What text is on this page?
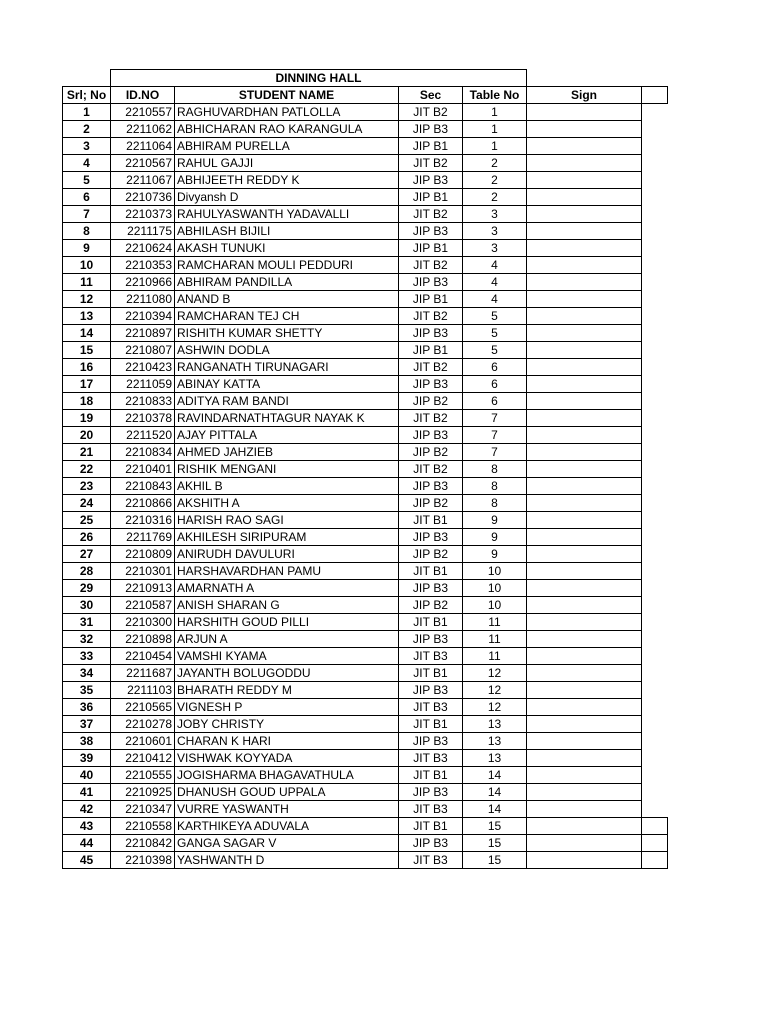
	DINNING HALL					
Srl; No	ID.NO	STUDENT NAME	Sec	Table No	Sign	
1	2210557	RAGHUVARDHAN PATLOLLA	JIT B2	1		
2	2211062	ABHICHARAN RAO KARANGULA	JIP B3	1		
3	2211064	ABHIRAM PURELLA	JIP B1	1		
4	2210567	RAHUL GAJJI	JIT B2	2		
5	2211067	ABHIJEETH REDDY K	JIP B3	2		
6	2210736	Divyansh D	JIP B1	2		
7	2210373	RAHULYASWANTH YADAVALLI	JIT B2	3		
8	2211175	ABHILASH BIJILI	JIP B3	3		
9	2210624	AKASH TUNUKI	JIP B1	3		
10	2210353	RAMCHARAN MOULI PEDDURI	JIT B2	4		
11	2210966	ABHIRAM PANDILLA	JIP B3	4		
12	2211080	ANAND B	JIP B1	4		
13	2210394	RAMCHARAN TEJ CH	JIT B2	5		
14	2210897	RISHITH KUMAR SHETTY	JIP B3	5		
15	2210807	ASHWIN DODLA	JIP B1	5		
16	2210423	RANGANATH TIRUNAGARI	JIT B2	6		
17	2211059	ABINAY KATTA	JIP B3	6		
18	2210833	ADITYA RAM BANDI	JIP B2	6		
19	2210378	RAVINDARNATHTAGUR NAYAK K	JIT B2	7		
20	2211520	AJAY PITTALA	JIP B3	7		
21	2210834	AHMED JAHZIEB	JIP B2	7		
22	2210401	RISHIK MENGANI	JIT B2	8		
23	2210843	AKHIL B	JIP B3	8		
24	2210866	AKSHITH A	JIP B2	8		
25	2210316	HARISH RAO SAGI	JIT B1	9		
26	2211769	AKHILESH SIRIPURAM	JIP B3	9		
27	2210809	ANIRUDH DAVULURI	JIP B2	9		
28	2210301	HARSHAVARDHAN PAMU	JIT B1	10		
29	2210913	AMARNATH A	JIP B3	10		
30	2210587	ANISH SHARAN G	JIP B2	10		
31	2210300	HARSHITH GOUD PILLI	JIT B1	11		
32	2210898	ARJUN A	JIP B3	11		
33	2210454	VAMSHI KYAMA	JIT B3	11		
34	2211687	JAYANTH BOLUGODDU	JIT B1	12		
35	2211103	BHARATH REDDY M	JIP B3	12		
36	2210565	VIGNESH P	JIT B3	12		
37	2210278	JOBY CHRISTY	JIT B1	13		
38	2210601	CHARAN K HARI	JIP B3	13		
39	2210412	VISHWAK KOYYADA	JIT B3	13		
40	2210555	JOGISHARMA BHAGAVATHULA	JIT B1	14		
41	2210925	DHANUSH GOUD UPPALA	JIP B3	14		
42	2210347	VURRE YASWANTH	JIT B3	14		
43	2210558	KARTHIKEYA ADUVALA	JIT B1	15		
44	2210842	GANGA SAGAR V	JIP B3	15		
45	2210398	YASHWANTH D	JIT B3	15		
